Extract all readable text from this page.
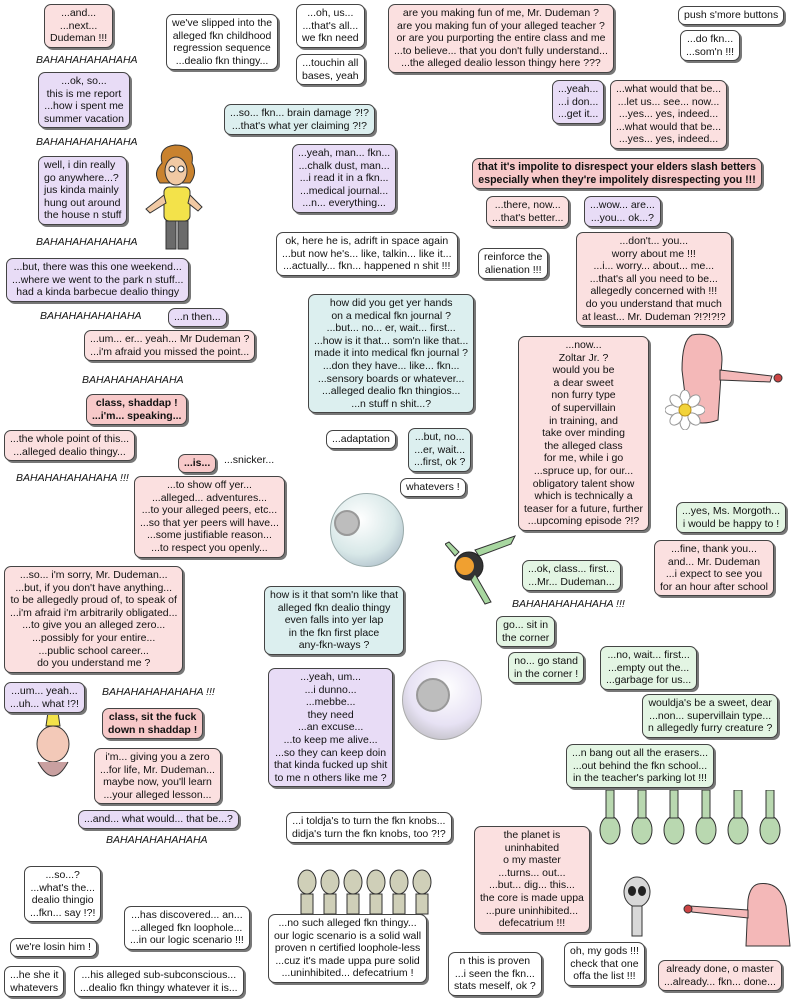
...and...
...next...
Dudeman !!!
we've slipped into the
alleged fkn childhood
regression sequence
...dealio fkn thingy...
...oh, us...
...that's all...
we fkn need
...touchin all
bases, yeah
are you making fun of me, Mr. Dudeman ?
are you making fun of your alleged teacher ?
or are you purporting the entire class and me
...to believe... that you don't fully understand...
...the alleged dealio lesson thingy here ???
push s'more buttons
...do fkn...
...som'n !!!
BAHAHAHAHAHAHA
...ok, so...
this is me report
...how i spent me
summer vacation
BAHAHAHAHAHAHA
...yeah...
...i don...
...get it...
...what would that be...
...let us... see... now...
...yes... yes, indeed...
...what would that be...
...yes... yes, indeed...
...so... fkn... brain damage ?!?
...that's what yer claiming ?!?
well, i din really
go anywhere...?
jus kinda mainly
hung out around
the house n stuff
...yeah, man... fkn...
...chalk dust, man...
...i read it in a fkn...
...medical journal...
...n... everything...
that it's impolite to disrespect your elders slash betters
especially when they're impolitely disrespecting you !!!
...there, now...
...that's better...
...wow... are...
...you... ok...?
BAHAHAHAHAHAHA	ok, here he is, adrift in space again
...but now he's... like, talkin... like it...
...actually... fkn... happened n shit !!!
reinforce the
alienation !!!
...but, there was this one weekend...
...where we went to the park n stuff...
had a kinda barbecue dealio thingy
...don't... you...
worry about me !!!
...i... worry... about... me...
...that's all you need to be...
allegedly concerned with !!!
do you understand that much
at least... Mr. Dudeman ?!?!?!?
how did you get yer hands
on a medical fkn journal ?
...but... no... er, wait... first...
...how is it that... som'n like that...
made it into medical fkn journal ?
...don they have... like... fkn...
...sensory boards or whatever...
...alleged dealio fkn thingios...
...n stuff n shit...?
BAHAHAHAHAHAHA	...n then...
...um... er... yeah... Mr Dudeman ?
...i'm afraid you missed the point...
...now...
Zoltar Jr. ?
would you be
a dear sweet
non furry type
of supervillain
in training, and
take over minding
the alleged class
for me, while i go
...spruce up, for our...
obligatory talent show
which is technically a
teaser for a future, further
...upcoming episode ?!?
BAHAHAHAHAHAHA
class, shaddap !
...i'm... speaking...
...the whole point of this...
...alleged dealio thingy...
...adaptation	...but, no...
...er, wait...
...first, ok ?
...is...	...snicker...
BAHAHAHAHAHAHA !!!
...to show off yer...
...alleged... adventures...
...to your alleged peers, etc...
...so that yer peers will have...
...some justifiable reason...
...to respect you openly...
whatevers !
...yes, Ms. Morgoth...
i would be happy to !
...fine, thank you...
and... Mr. Dudeman
...i expect to see you
for an hour after school
...ok, class... first...
...Mr... Dudeman...
BAHAHAHAHAHAHA !!!
...so... i'm sorry, Mr. Dudeman...
...but, if you don't have anything...
to be allegedly proud of, to speak of
...i'm afraid i'm arbitrarily obligated...
...to give you an alleged zero...
...possibly for your entire...
...public school career...
do you understand me ?
how is it that som'n like that
alleged fkn dealio thingy
even falls into yer lap
in the fkn first place
any-fkn-ways ?
go... sit in
the corner
no... go stand
in the corner !
...no, wait... first...
...empty out the...
...garbage for us...
...um... yeah...
...uh... what !?!
BAHAHAHAHAHAHA !!!
...yeah, um...
...i dunno...
...mebbe...
they need
...an excuse...
...to keep me alive...
...so they can keep doin
that kinda fucked up shit
to me n others like me ?
wouldja's be a sweet, dear
...non... supervillain type...
n allegedly furry creature ?
class, sit the fuck
down n shaddap !
...n bang out all the erasers...
...out behind the fkn school...
in the teacher's parking lot !!!
i'm... giving you a zero
...for life, Mr. Dudeman...
maybe now, you'll learn
...your alleged lesson...
...and... what would... that be...?
BAHAHAHAHAHAHA
...i toldja's to turn the fkn knobs...
didja's turn the fkn knobs, too ?!?	the planet is
uninhabited
o my master
...turns... out...
...but... dig... this...
the core is made uppa
...pure uninhibited...
defecatrium !!!
...so...?
...what's the...
dealio thingio
...fkn... say !?!	...has discovered... an...
...alleged fkn loophole...
...in our logic scenario !!!
...no such alleged fkn thingy...
our logic scenario is a solid wall
proven n certified loophole-less
...cuz it's made uppa pure solid
...uninhibited... defecatrium !
we're losin him !
n this is proven
...i seen the fkn...
stats meself, ok ?
oh, my gods !!!
check that one
offa the list !!!
already done, o master
...already... fkn... done...
...he she it
whatevers
...his alleged sub-subconscious...
...dealio fkn thingy whatever it is...
